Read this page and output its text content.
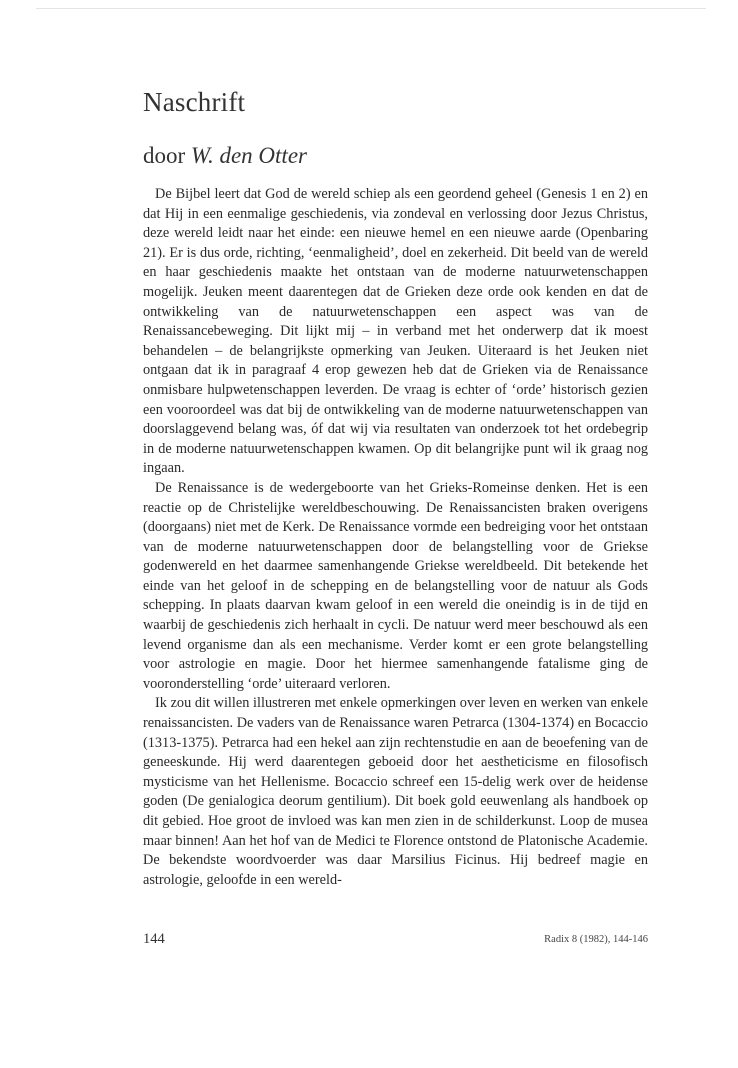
Naschrift
door W. den Otter

De Bijbel leert dat God de wereld schiep als een geordend geheel (Genesis 1 en 2) en dat Hij in een eenmalige geschiedenis, via zondeval en verlossing door Jezus Christus, deze wereld leidt naar het einde: een nieuwe hemel en een nieuwe aarde (Openbaring 21). Er is dus orde, richting, ‘eenmaligheid’, doel en zekerheid. Dit beeld van de wereld en haar geschiedenis maakte het ontstaan van de moderne natuurwetenschappen mogelijk. Jeuken meent daarentegen dat de Grieken deze orde ook kenden en dat de ontwikkeling van de natuurwetenschappen een aspect was van de Renaissancebeweging. Dit lijkt mij – in verband met het onderwerp dat ik moest behandelen – de belangrijkste opmerking van Jeuken. Uiteraard is het Jeuken niet ontgaan dat ik in paragraaf 4 erop gewezen heb dat de Grieken via de Renaissance onmisbare hulpwetenschappen leverden. De vraag is echter of ‘orde’ historisch gezien een vooroordeel was dat bij de ontwikkeling van de moderne natuurwetenschappen van doorslaggevend belang was, óf dat wij via resultaten van onderzoek tot het ordebegrip in de moderne natuurwetenschappen kwamen. Op dit belangrijke punt wil ik graag nog ingaan.

De Renaissance is de wedergeboorte van het Grieks-Romeinse denken. Het is een reactie op de Christelijke wereldbeschouwing. De Renaissancisten braken overigens (doorgaans) niet met de Kerk. De Renaissance vormde een bedreiging voor het ontstaan van de moderne natuurwetenschappen door de belangstelling voor de Griekse godenwereld en het daarmee samenhangende Griekse wereldbeeld. Dit betekende het einde van het geloof in de schepping en de belangstelling voor de natuur als Gods schepping. In plaats daarvan kwam geloof in een wereld die oneindig is in de tijd en waarbij de geschiedenis zich herhaalt in cycli. De natuur werd meer beschouwd als een levend organisme dan als een mechanisme. Verder komt er een grote belangstelling voor astrologie en magie. Door het hiermee samenhangende fatalisme ging de vooronderstelling ‘orde’ uiteraard verloren.

Ik zou dit willen illustreren met enkele opmerkingen over leven en werken van enkele renaissancisten. De vaders van de Renaissance waren Petrarca (1304-1374) en Bocaccio (1313-1375). Petrarca had een hekel aan zijn rechtenstudie en aan de beoefening van de geneeskunde. Hij werd daarentegen geboeid door het aestheticisme en filosofisch mysticisme van het Hellenisme. Bocaccio schreef een 15-delig werk over de heidense goden (De genialogica deorum gentilium). Dit boek gold eeuwenlang als handboek op dit gebied. Hoe groot de invloed was kan men zien in de schilderkunst. Loop de musea maar binnen! Aan het hof van de Medici te Florence ontstond de Platonische Academie. De bekendste woordvoerder was daar Marsilius Ficinus. Hij bedreef magie en astrologie, geloofde in een wereld-

144	Radix 8 (1982), 144-146
